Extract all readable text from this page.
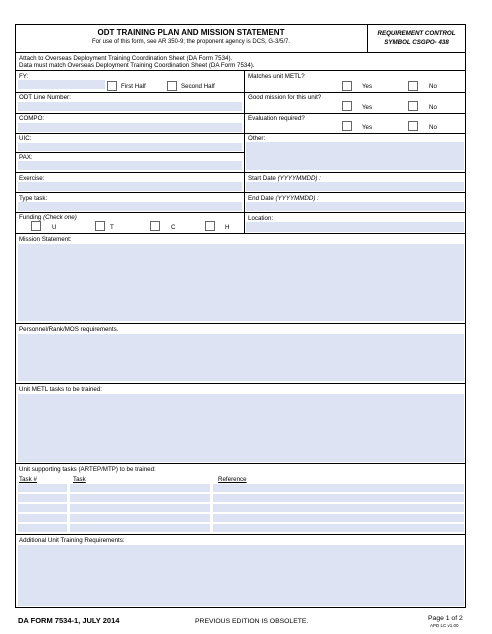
ODT TRAINING PLAN AND MISSION STATEMENT
For use of this form, see AR 350-9; the proponent agency is DCS, G-3/5/7.
REQUIREMENT CONTROL
SYMBOL CSGPO- 438
Attach to Overseas Deployment Training Coordination Sheet (DA Form 7534).
Data must match Overseas Deployment Training Coordination Sheet (DA Form 7534).
FY:
First Half	Second Half
ODT Line Number:
COMPO:
UIC:
PAX:
Exercise:
Type task:
Funding (Check one)
U	T	C	H
Matches unit METL?
Yes	No
Good mission for this unit?
Yes	No
Evaluation required?
Yes	No
Other:
Start Date (YYYYMMDD) :
End Date (YYYYMMDD) :
Location:
Mission Statement:
Personnel/Rank/MOS requirements.
Unit METL tasks to be trained:
Unit supporting tasks (ARTEP/MTP) to be trained:
Task #	Task	Reference
Additional Unit Training Requirements:
DA FORM 7534-1, JULY 2014	PREVIOUS EDITION IS OBSOLETE.	Page 1 of 2
APD LC v1.00
